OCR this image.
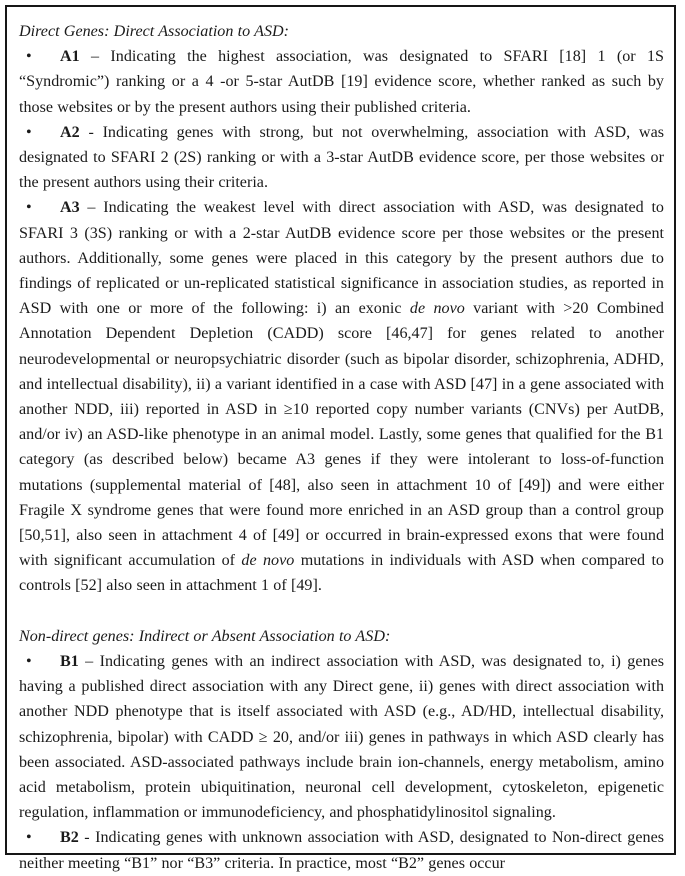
Direct Genes: Direct Association to ASD:

• A1 – Indicating the highest association, was designated to SFARI [18] 1 (or 1S “Syndromic”) ranking or a 4 -or 5-star AutDB [19] evidence score, whether ranked as such by those websites or by the present authors using their published criteria.

• A2 - Indicating genes with strong, but not overwhelming, association with ASD, was designated to SFARI 2 (2S) ranking or with a 3-star AutDB evidence score, per those websites or the present authors using their criteria.

• A3 – Indicating the weakest level with direct association with ASD, was designated to SFARI 3 (3S) ranking or with a 2-star AutDB evidence score per those websites or the present authors. Additionally, some genes were placed in this category by the present authors due to findings of replicated or un-replicated statistical significance in association studies, as reported in ASD with one or more of the following: i) an exonic de novo variant with >20 Combined Annotation Dependent Depletion (CADD) score [46,47] for genes related to another neurodevelopmental or neuropsychiatric disorder (such as bipolar disorder, schizophrenia, ADHD, and intellectual disability), ii) a variant identified in a case with ASD [47] in a gene associated with another NDD, iii) reported in ASD in ≥10 reported copy number variants (CNVs) per AutDB, and/or iv) an ASD-like phenotype in an animal model. Lastly, some genes that qualified for the B1 category (as described below) became A3 genes if they were intolerant to loss-of-function mutations (supplemental material of [48], also seen in attachment 10 of [49]) and were either Fragile X syndrome genes that were found more enriched in an ASD group than a control group [50,51], also seen in attachment 4 of [49] or occurred in brain-expressed exons that were found with significant accumulation of de novo mutations in individuals with ASD when compared to controls [52] also seen in attachment 1 of [49].

Non-direct genes: Indirect or Absent Association to ASD:

• B1 – Indicating genes with an indirect association with ASD, was designated to, i) genes having a published direct association with any Direct gene, ii) genes with direct association with another NDD phenotype that is itself associated with ASD (e.g., AD/HD, intellectual disability, schizophrenia, bipolar) with CADD ≥ 20, and/or iii) genes in pathways in which ASD clearly has been associated. ASD-associated pathways include brain ion-channels, energy metabolism, amino acid metabolism, protein ubiquitination, neuronal cell development, cytoskeleton, epigenetic regulation, inflammation or immunodeficiency, and phosphatidylinositol signaling.

• B2 - Indicating genes with unknown association with ASD, designated to Non-direct genes neither meeting “B1” nor “B3” criteria. In practice, most “B2” genes occur
